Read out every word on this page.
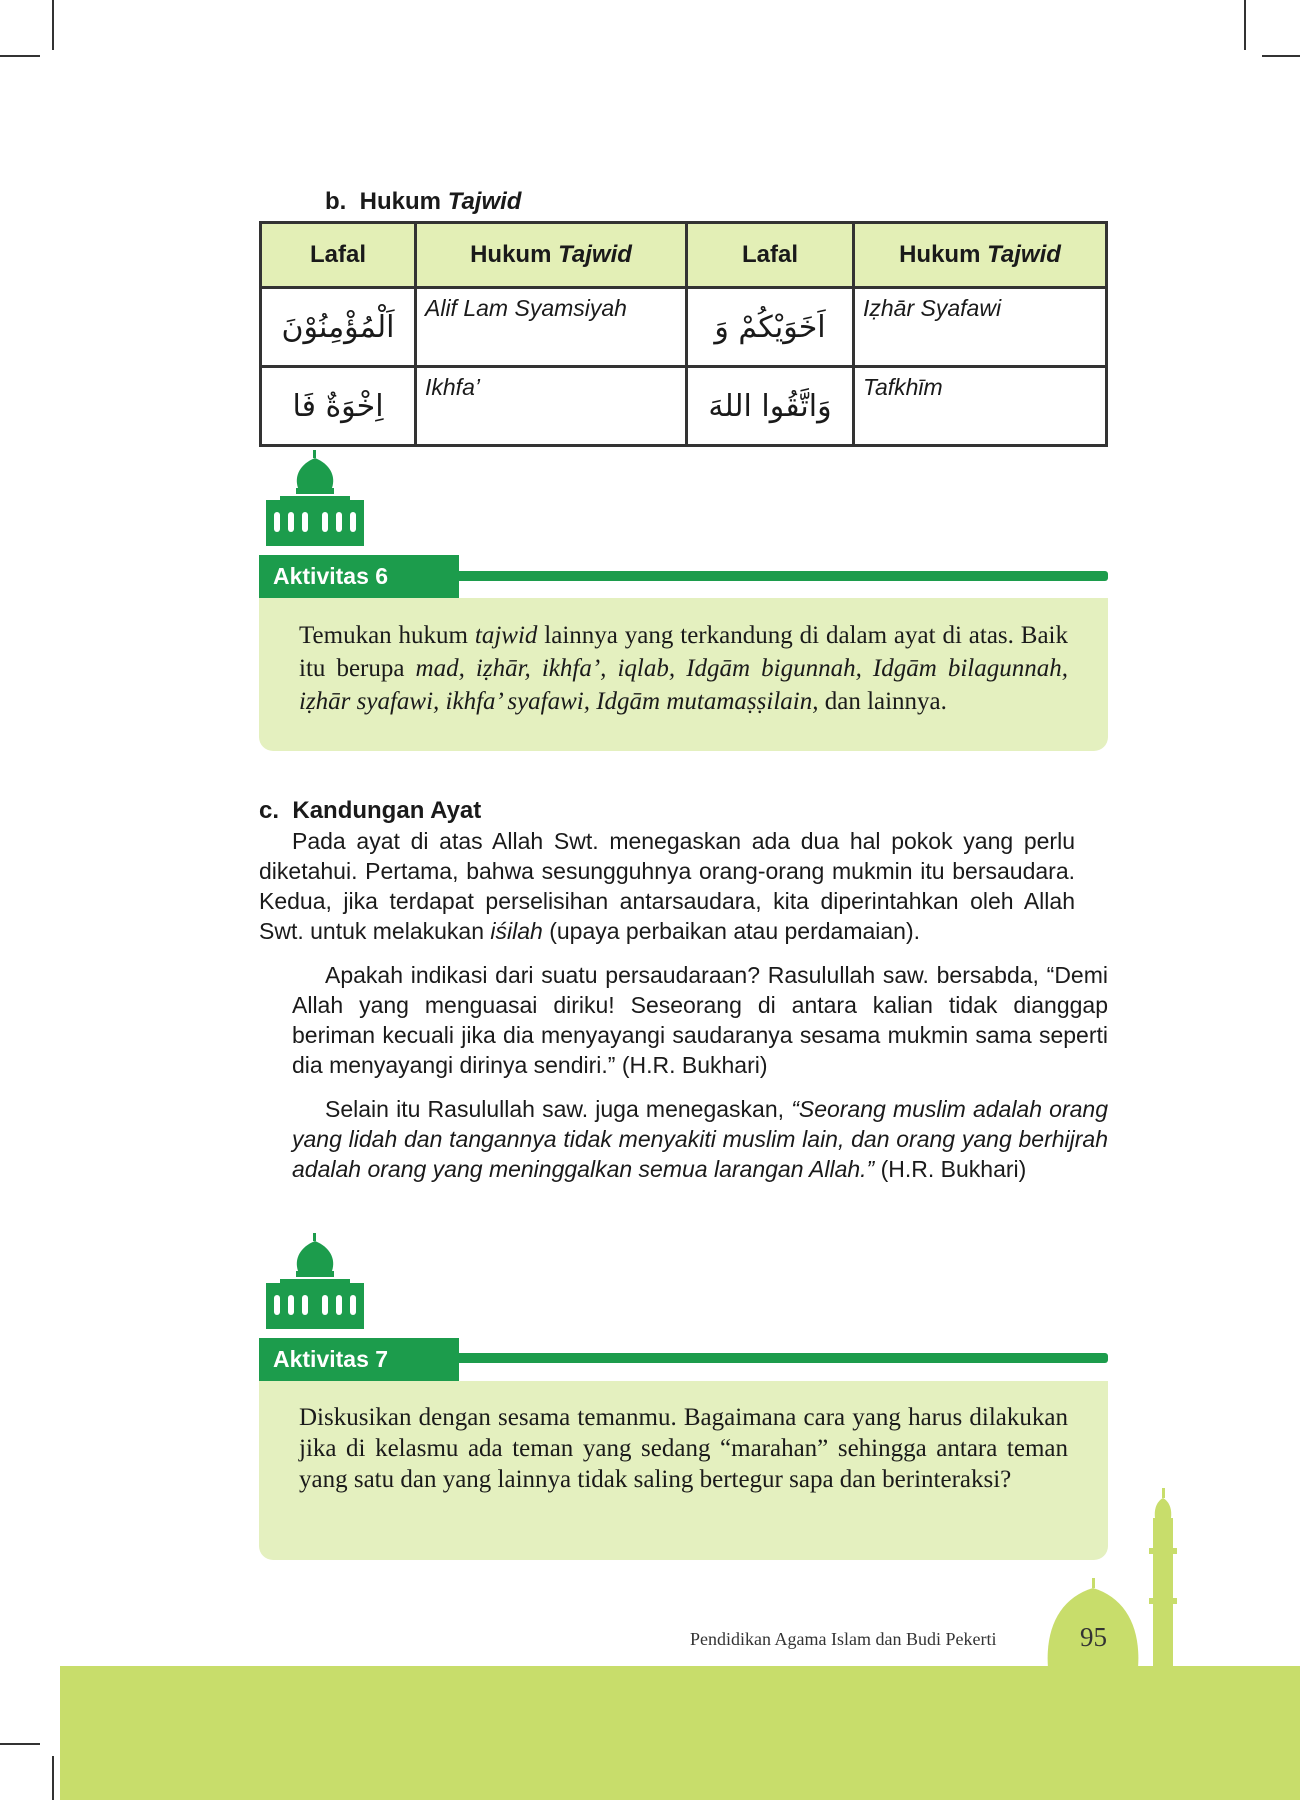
b. Hukum Tajwid
Lafal	Hukum Tajwid	Lafal	Hukum Tajwid
اَلْمُؤْمِنُوْنَ	Alif Lam Syamsiyah	اَخَوَيْكُمْ وَ	Iẓhār Syafawi
اِخْوَةٌ فَا	Ikhfa’	وَاتَّقُوا اللهَ	Tafkhīm
Aktivitas 6
Temukan hukum tajwid lainnya yang terkandung di dalam ayat di atas. Baik itu berupa mad, iẓhār, ikhfa’, iqlab, Idgām bigunnah, Idgām bilagunnah, iẓhār syafawi, ikhfa’ syafawi, Idgām mutamaṣṣilain, dan lainnya.
c. Kandungan Ayat
Pada ayat di atas Allah Swt. menegaskan ada dua hal pokok yang perlu diketahui. Pertama, bahwa sesungguhnya orang-orang mukmin itu bersaudara. Kedua, jika terdapat perselisihan antarsaudara, kita diperintahkan oleh Allah Swt. untuk melakukan iśilah (upaya perbaikan atau perdamaian).
Apakah indikasi dari suatu persaudaraan? Rasulullah saw. bersabda, “Demi Allah yang menguasai diriku! Seseorang di antara kalian tidak dianggap beriman kecuali jika dia menyayangi saudaranya sesama mukmin sama seperti dia menyayangi dirinya sendiri.” (H.R. Bukhari)
Selain itu Rasulullah saw. juga menegaskan, “Seorang muslim adalah orang yang lidah dan tangannya tidak menyakiti muslim lain, dan orang yang berhijrah adalah orang yang meninggalkan semua larangan Allah.” (H.R. Bukhari)
Aktivitas 7
Diskusikan dengan sesama temanmu. Bagaimana cara yang harus dilakukan jika di kelasmu ada teman yang sedang “marahan” sehingga antara teman yang satu dan yang lainnya tidak saling bertegur sapa dan berinteraksi?
Pendidikan Agama Islam dan Budi Pekerti	95
